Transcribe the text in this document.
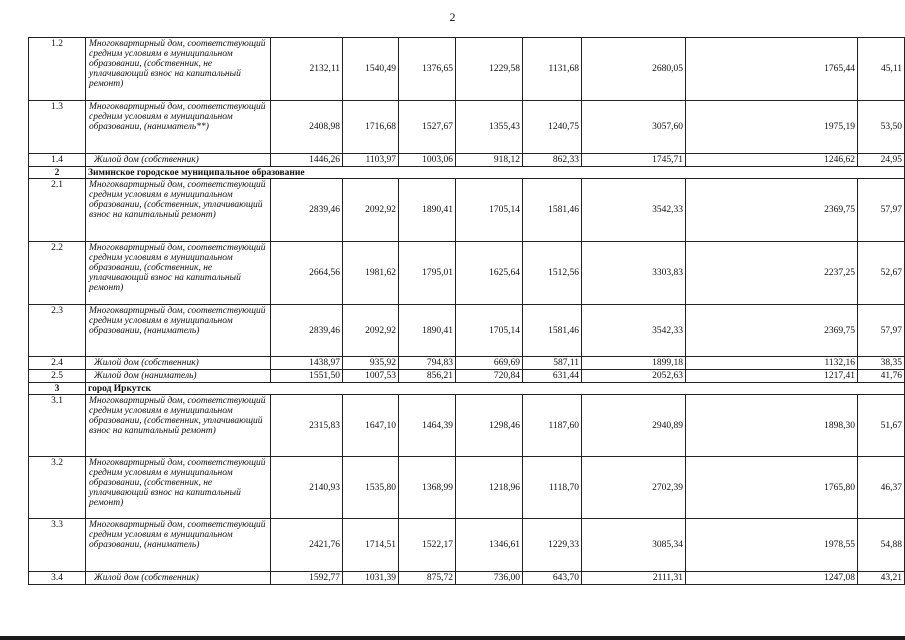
2
1.2	Многоквартирный дом, соответствующий средним условиям в муниципальном образовании, (собственник, не уплачивающий взнос на капитальный ремонт)	2132,11	1540,49	1376,65	1229,58	1131,68	2680,05	1765,44	45,11
1.3	Многоквартирный дом, соответствующий средним условиям в муниципальном образовании, (наниматель**)	2408,98	1716,68	1527,67	1355,43	1240,75	3057,60	1975,19	53,50
1.4	Жилой дом (собственник)	1446,26	1103,97	1003,06	918,12	862,33	1745,71	1246,62	24,95
2	Зиминское городское муниципальное образование								
2.1	Многоквартирный дом, соответствующий средним условиям в муниципальном образовании, (собственник, уплачивающий взнос на капитальный ремонт)	2839,46	2092,92	1890,41	1705,14	1581,46	3542,33	2369,75	57,97
2.2	Многоквартирный дом, соответствующий средним условиям в муниципальном образовании, (собственник, не уплачивающий взнос на капитальный ремонт)	2664,56	1981,62	1795,01	1625,64	1512,56	3303,83	2237,25	52,67
2.3	Многоквартирный дом, соответствующий средним условиям в муниципальном образовании, (наниматель)	2839,46	2092,92	1890,41	1705,14	1581,46	3542,33	2369,75	57,97
2.4	Жилой дом (собственник)	1438,97	935,92	794,83	669,69	587,11	1899,18	1132,16	38,35
2.5	Жилой дом (наниматель)	1551,50	1007,53	856,21	720,84	631,44	2052,63	1217,41	41,76
3	город Иркутск								
3.1	Многоквартирный дом, соответствующий средним условиям в муниципальном образовании, (собственник, уплачивающий взнос на капитальный ремонт)	2315,83	1647,10	1464,39	1298,46	1187,60	2940,89	1898,30	51,67
3.2	Многоквартирный дом, соответствующий средним условиям в муниципальном образовании, (собственник, не уплачивающий взнос на капитальный ремонт)	2140,93	1535,80	1368,99	1218,96	1118,70	2702,39	1765,80	46,37
3.3	Многоквартирный дом, соответствующий средним условиям в муниципальном образовании, (наниматель)	2421,76	1714,51	1522,17	1346,61	1229,33	3085,34	1978,55	54,88
3.4	Жилой дом (собственник)	1592,77	1031,39	875,72	736,00	643,70	2111,31	1247,08	43,21
